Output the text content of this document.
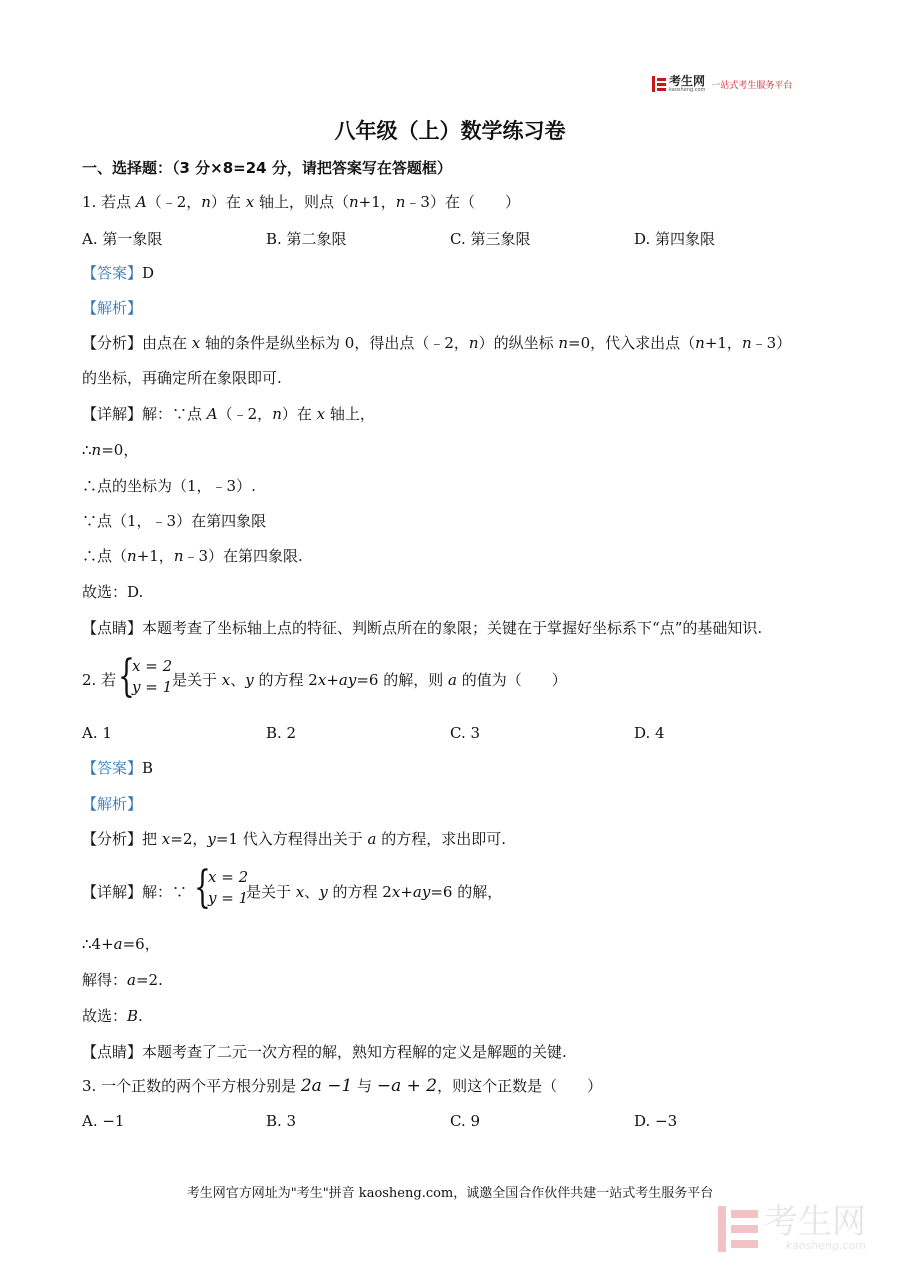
考生网
kaosheng.com 一站式考生服务平台
八年级（上）数学练习卷
一、选择题：（3 分×8=24 分，请把答案写在答题框）
1. 若点 A（﹣2，n）在 x 轴上，则点（n+1，n﹣3）在（　　）
A. 第一象限	B. 第二象限	C. 第三象限	D. 第四象限
【答案】D
【解析】
【分析】由点在 x 轴的条件是纵坐标为 0，得出点（﹣2，n）的纵坐标 n=0，代入求出点（n+1，n﹣3）
的坐标，再确定所在象限即可.
【详解】解：∵点 A（﹣2，n）在 x 轴上，
∴n=0，
∴点的坐标为（1，﹣3）.
∵点（1，﹣3）在第四象限
∴点（n+1，n﹣3）在第四象限.
故选：D.
【点睛】本题考查了坐标轴上点的特征、判断点所在的象限；关键在于掌握好坐标系下“点”的基础知识.
2. 若 {
x = 2
y = 1 是关于 x、y 的方程 2x+ay=6 的解，则 a 的值为（　　）
A. 1	B. 2	C. 3	D. 4
【答案】B
【解析】
【分析】把 x=2，y=1 代入方程得出关于 a 的方程，求出即可.
【详解】解：∵ {
x = 2
y = 1
是关于 x、y 的方程 2x+ay=6 的解，
∴4+a=6，
解得：a=2.
故选：B.
【点睛】本题考查了二元一次方程的解，熟知方程解的定义是解题的关键.
3. 一个正数的两个平方根分别是 2a −1 与 −a + 2，则这个正数是（　　）
A. −1	B. 3	C. 9	D. −3
考生网官方网址为"考生"拼音 kaosheng.com，诚邀全国合作伙伴共建一站式考生服务平台
考生网
kaosheng.com
